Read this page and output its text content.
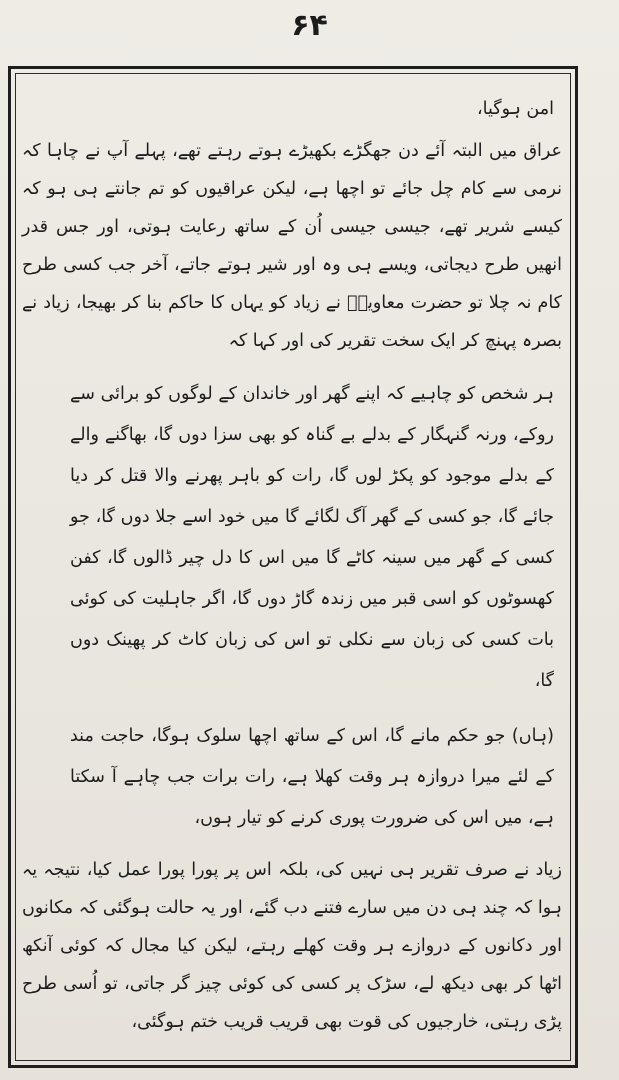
۶۴

امن ہوگیا،

عراق میں البتہ آئے دن جھگڑے بکھیڑے ہوتے رہتے تھے، پہلے آپ نے چاہا کہ نرمی سے کام چل جائے تو اچھا ہے، لیکن عراقیوں کو تم جانتے ہی ہو کہ کیسے شریر تھے، جیسی جیسی اُن کے ساتھ رعایت ہوتی، اور جس قدر انھیں طرح دیجاتی، ویسے ہی وہ اور شیر ہوتے جاتے، آخر جب کسی طرح کام نہ چلا تو حضرت معاویہؓ نے زیاد کو یہاں کا حاکم بنا کر بھیجا، زیاد نے بصرہ پہنچ کر ایک سخت تقریر کی اور کہا کہ

ہر شخص کو چاہیے کہ اپنے گھر اور خاندان کے لوگوں کو برائی سے روکے، ورنہ گنہگار کے بدلے بے گناہ کو بھی سزا دوں گا، بھاگنے والے کے بدلے موجود کو پکڑ لوں گا، رات کو باہر پھرنے والا قتل کر دیا جائے گا، جو کسی کے گھر آگ لگائے گا میں خود اسے جلا دوں گا، جو کسی کے گھر میں سینہ کاٹے گا میں اس کا دل چیر ڈالوں گا، کفن کھسوٹوں کو اسی قبر میں زندہ گاڑ دوں گا، اگر جاہلیت کی کوئی بات کسی کی زبان سے نکلی تو اس کی زبان کاٹ کر پھینک دوں گا،

(ہاں) جو حکم مانے گا، اس کے ساتھ اچھا سلوک ہوگا، حاجت مند کے لئے میرا دروازہ ہر وقت کھلا ہے، رات برات جب چاہے آ سکتا ہے، میں اس کی ضرورت پوری کرنے کو تیار ہوں،

زیاد نے صرف تقریر ہی نہیں کی، بلکہ اس پر پورا پورا عمل کیا، نتیجہ یہ ہوا کہ چند ہی دن میں سارے فتنے دب گئے، اور یہ حالت ہوگئی کہ مکانوں اور دکانوں کے دروازے ہر وقت کھلے رہتے، لیکن کیا مجال کہ کوئی آنکھ اٹھا کر بھی دیکھ لے، سڑک پر کسی کی کوئی چیز گر جاتی، تو اُسی طرح پڑی رہتی، خارجیوں کی قوت بھی قریب قریب ختم ہوگئی،
